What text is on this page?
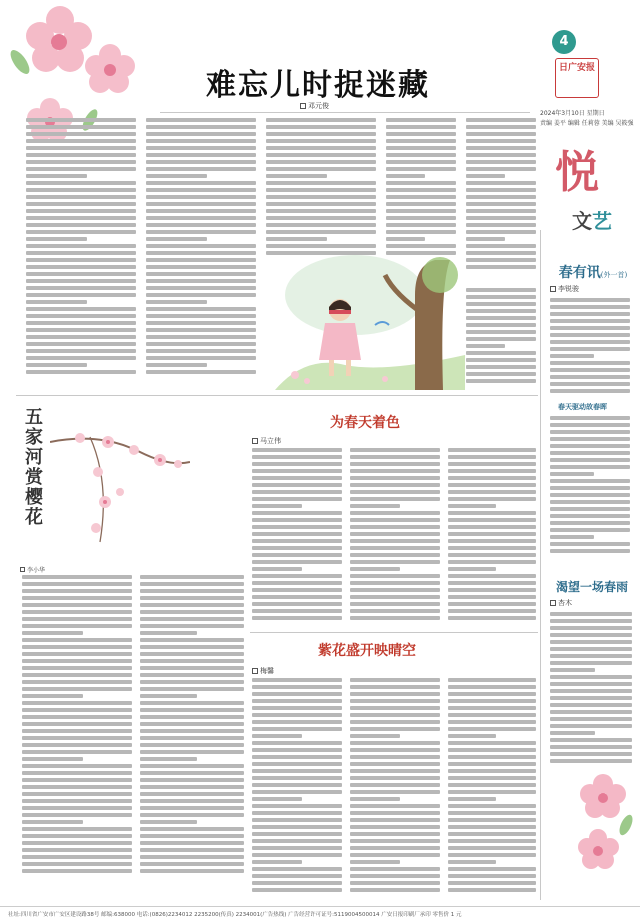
难忘儿时捉迷藏
邓元俊
4
日广安报
2024年3月10日 星期日
责编 姜平 编辑 任莉蓉 美编 吴筱强
悦
文艺
春有讯(外一首)
李锐骏
春天驱动故春晖
渴望一场春雨
杏木
五家河赏樱花
李小华
为春天着色
马立伟
紫花盛开映晴空
梅馨
社址:四川省广安市广安区建设路38号 邮编:638000 电话:(0826)2234012 2235200(传真) 2234001(广告热线) 广告经营许可证号:5119004500014 广安日报印刷厂承印 零售价 1 元
